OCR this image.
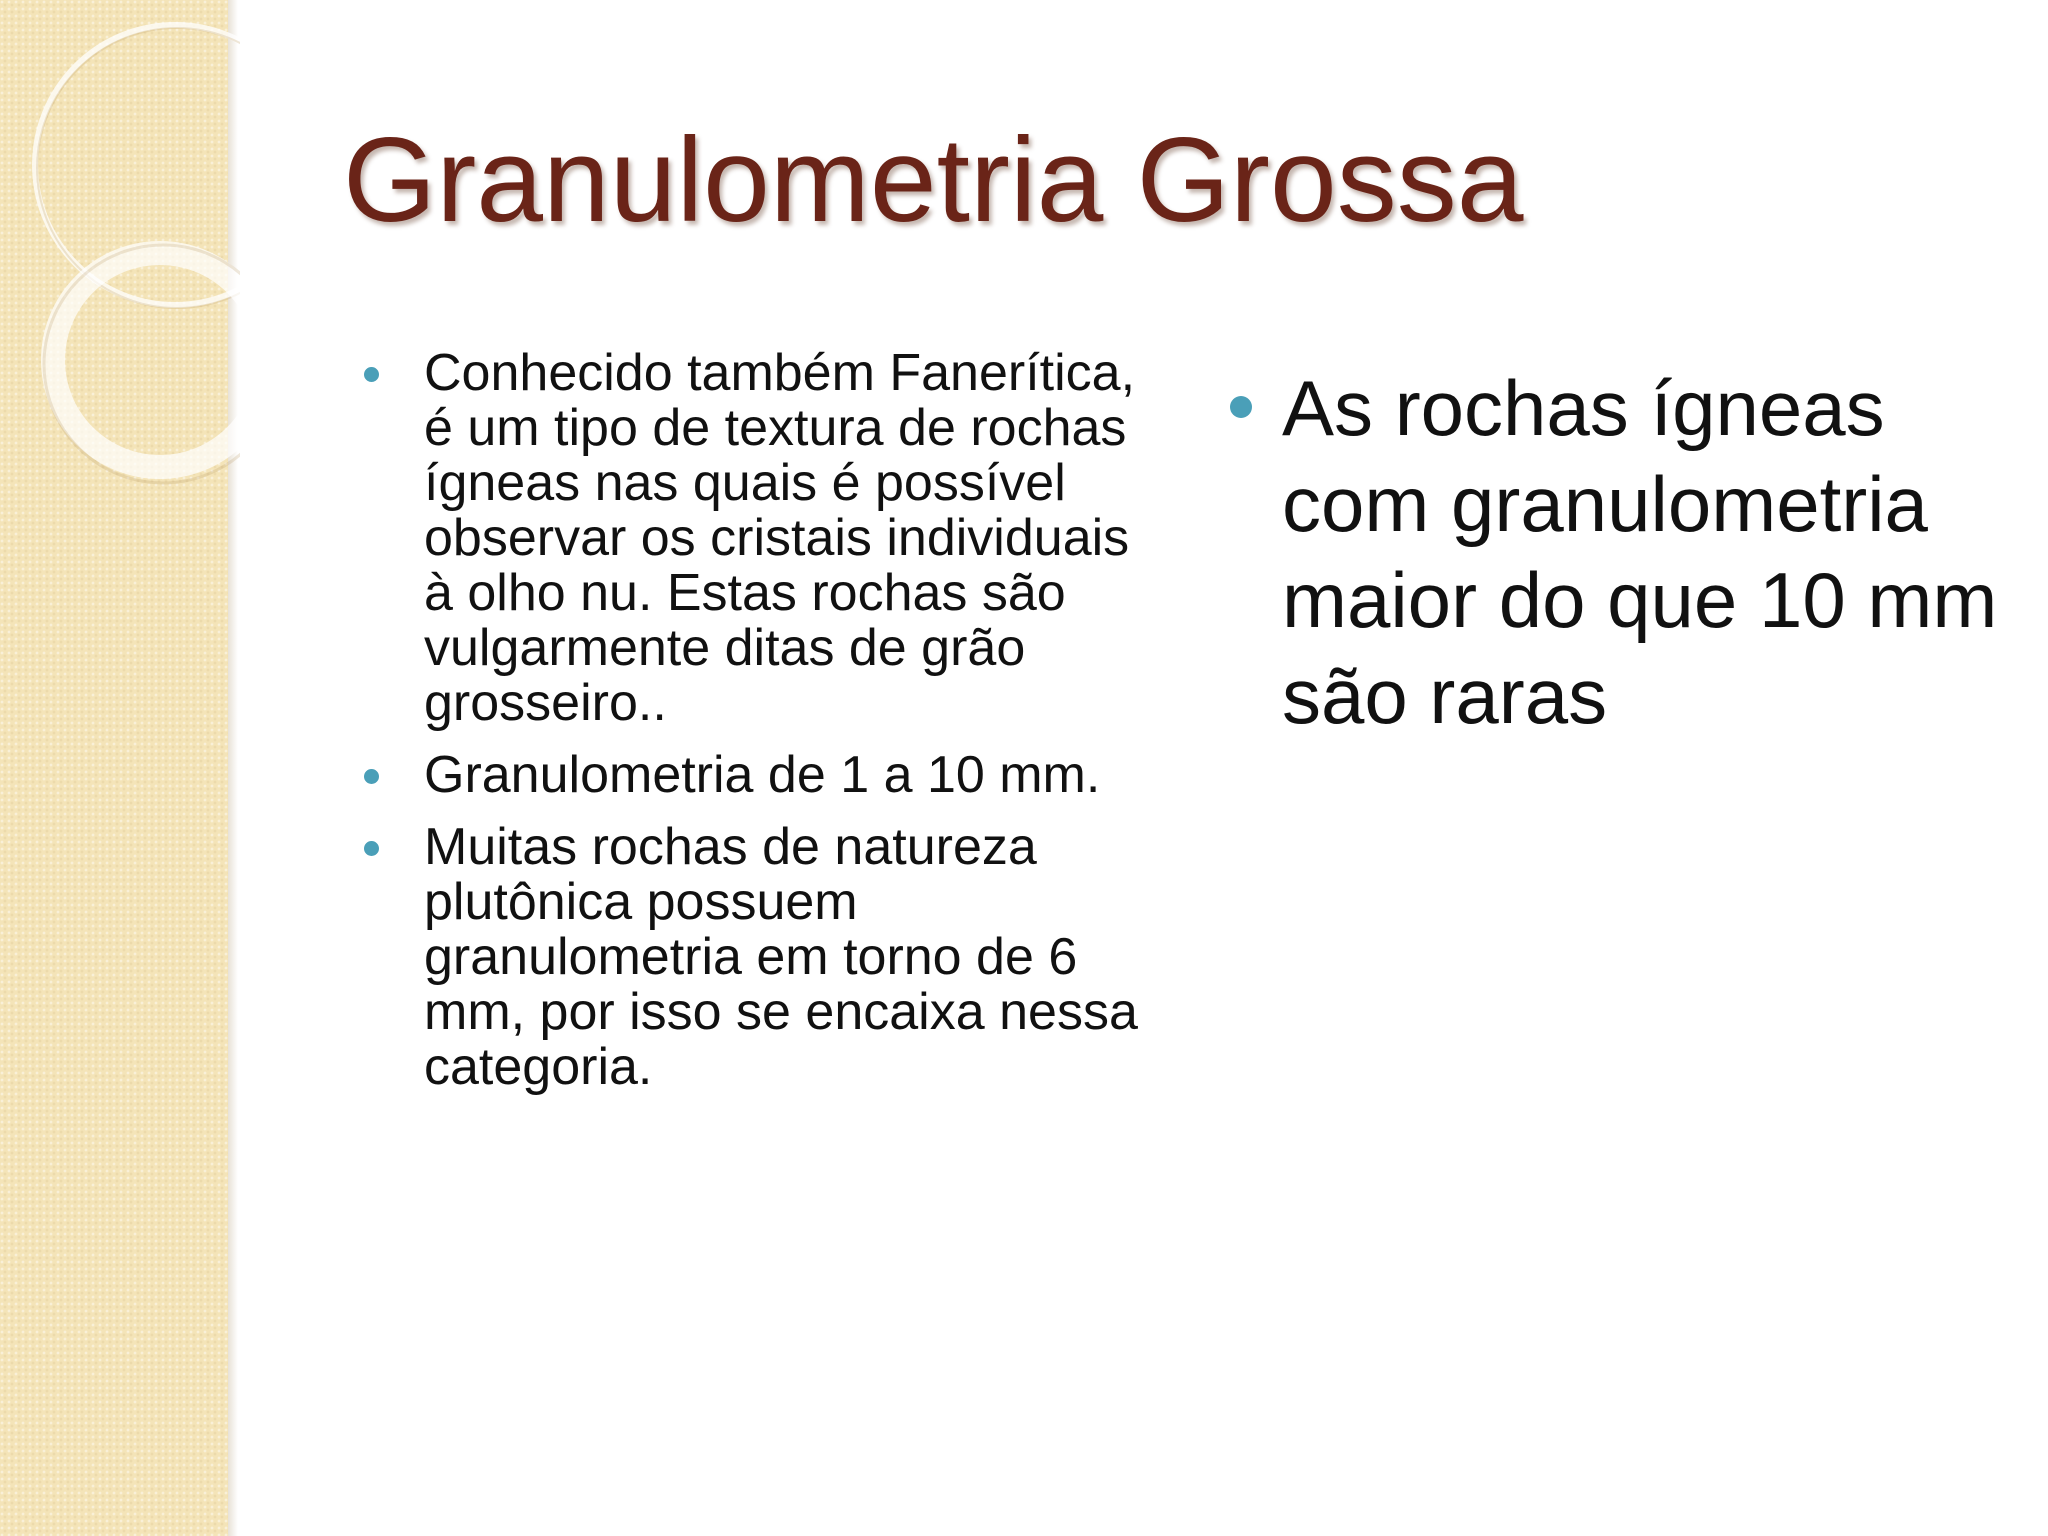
Granulometria Grossa
Conhecido também Fanerítica, é um tipo de textura de rochas ígneas nas quais é possível observar os cristais individuais à olho nu. Estas rochas são vulgarmente ditas de grão grosseiro..
Granulometria de 1 a 10 mm.
Muitas rochas de natureza plutônica possuem granulometria em torno de 6 mm, por isso se encaixa nessa categoria.
As rochas ígneas com granulometria maior do que 10 mm são raras
